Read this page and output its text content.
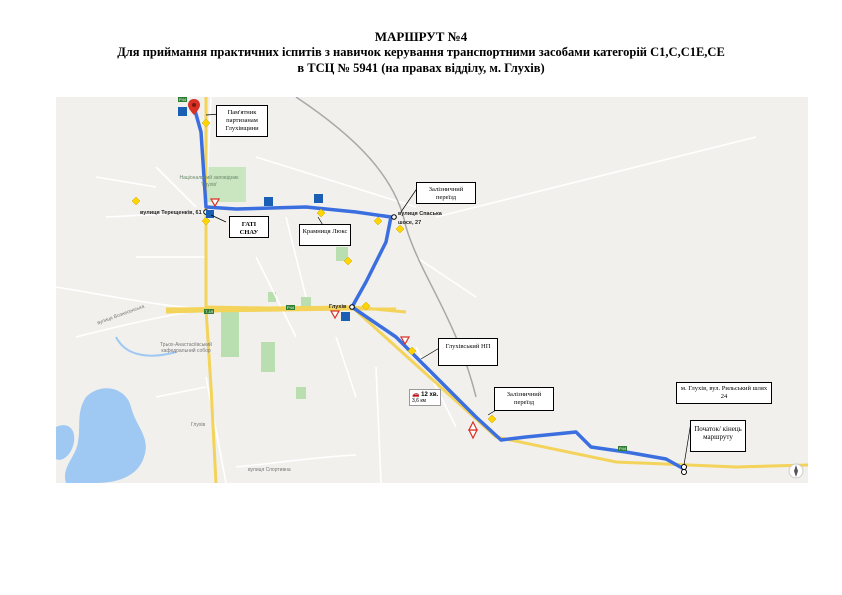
МАРШРУТ №4
Для приймання практичних іспитів з навичок керування транспортними засобами категорій С1,С,С1Е,СЕ
в ТСЦ № 5941 (на правах відділу, м. Глухів)
Пам'ятник партизанам Глухівщини
ГАТІ СНАУ	Крамниця Люкс
Залізничний переїзд
Глухівський НП
Залізничний переїзд
м. Глухів, вул. Рильський шлях 24
Початок/ кінець маршруту
вулиця Терещенків, 61	вулиця Спаська
шосе, 27
Глухів
Національний заповідник 'Глухів'
Трьох-Анастасіївський кафедральний собор
Глухів
вулиця Вознесенська
вулиця Спортивна
Р44
Т-19
Р44
Р44
🚗 12 хв.
3,6 км
